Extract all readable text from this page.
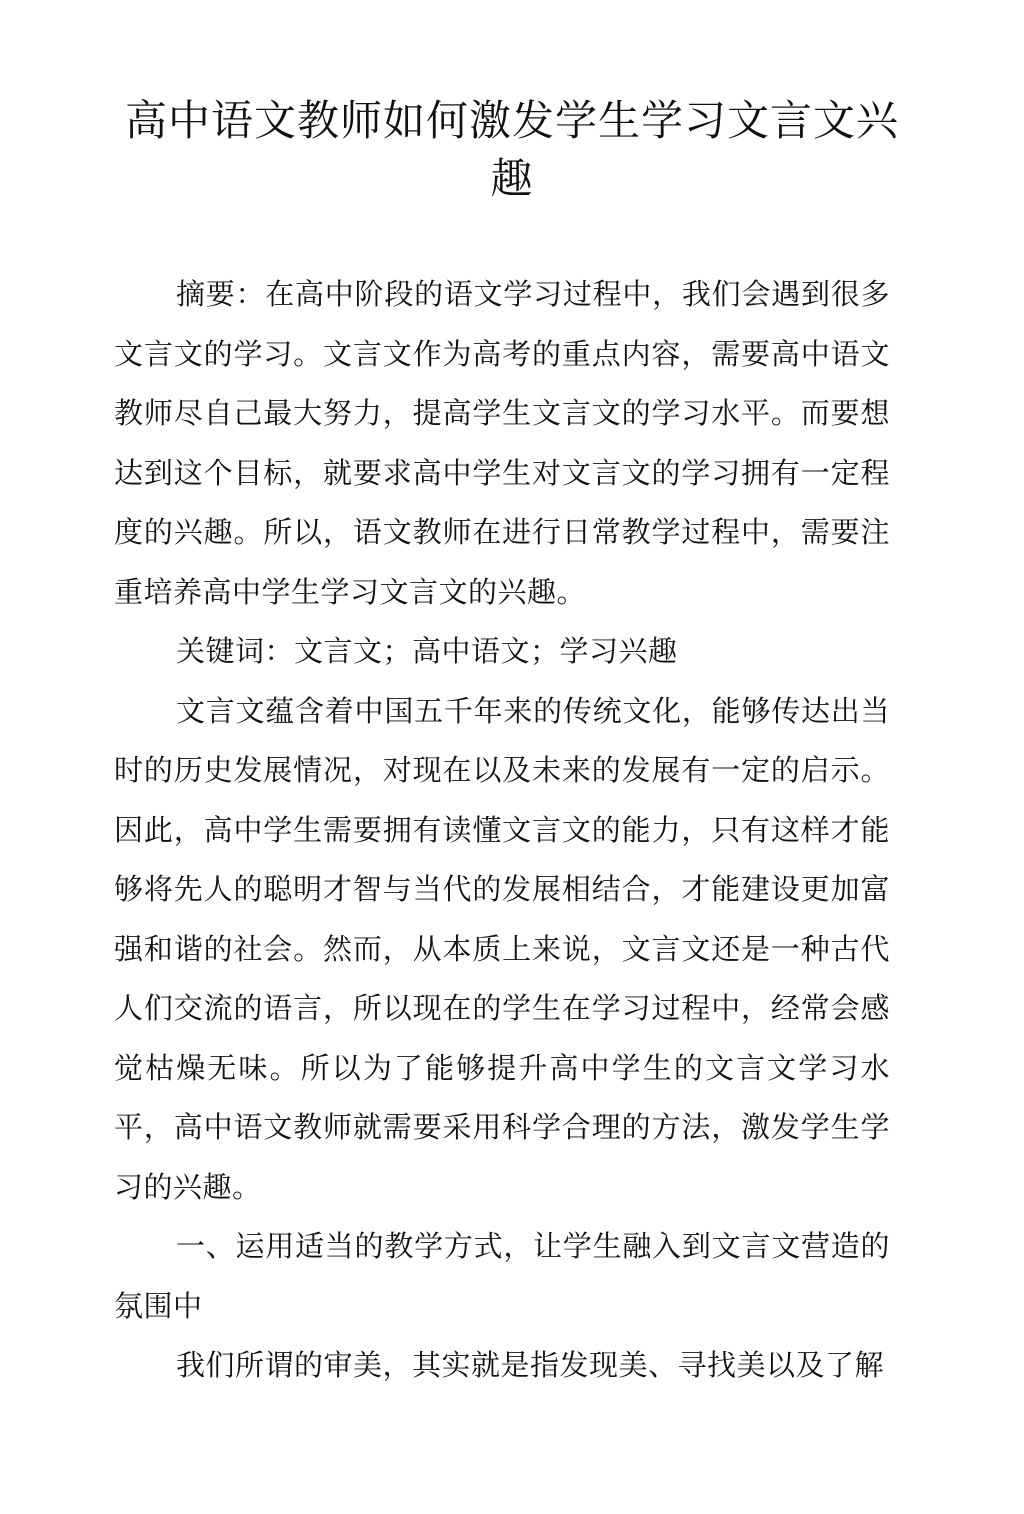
高中语文教师如何激发学生学习文言文兴趣

摘要：在高中阶段的语文学习过程中，我们会遇到很多文言文的学习。文言文作为高考的重点内容，需要高中语文教师尽自己最大努力，提高学生文言文的学习水平。而要想达到这个目标，就要求高中学生对文言文的学习拥有一定程度的兴趣。所以，语文教师在进行日常教学过程中，需要注重培养高中学生学习文言文的兴趣。

关键词：文言文；高中语文；学习兴趣

文言文蕴含着中国五千年来的传统文化，能够传达出当时的历史发展情况，对现在以及未来的发展有一定的启示。因此，高中学生需要拥有读懂文言文的能力，只有这样才能够将先人的聪明才智与当代的发展相结合，才能建设更加富强和谐的社会。然而，从本质上来说，文言文还是一种古代人们交流的语言，所以现在的学生在学习过程中，经常会感觉枯燥无味。所以为了能够提升高中学生的文言文学习水平，高中语文教师就需要采用科学合理的方法，激发学生学习的兴趣。

一、运用适当的教学方式，让学生融入到文言文营造的氛围中

我们所谓的审美，其实就是指发现美、寻找美以及了解
